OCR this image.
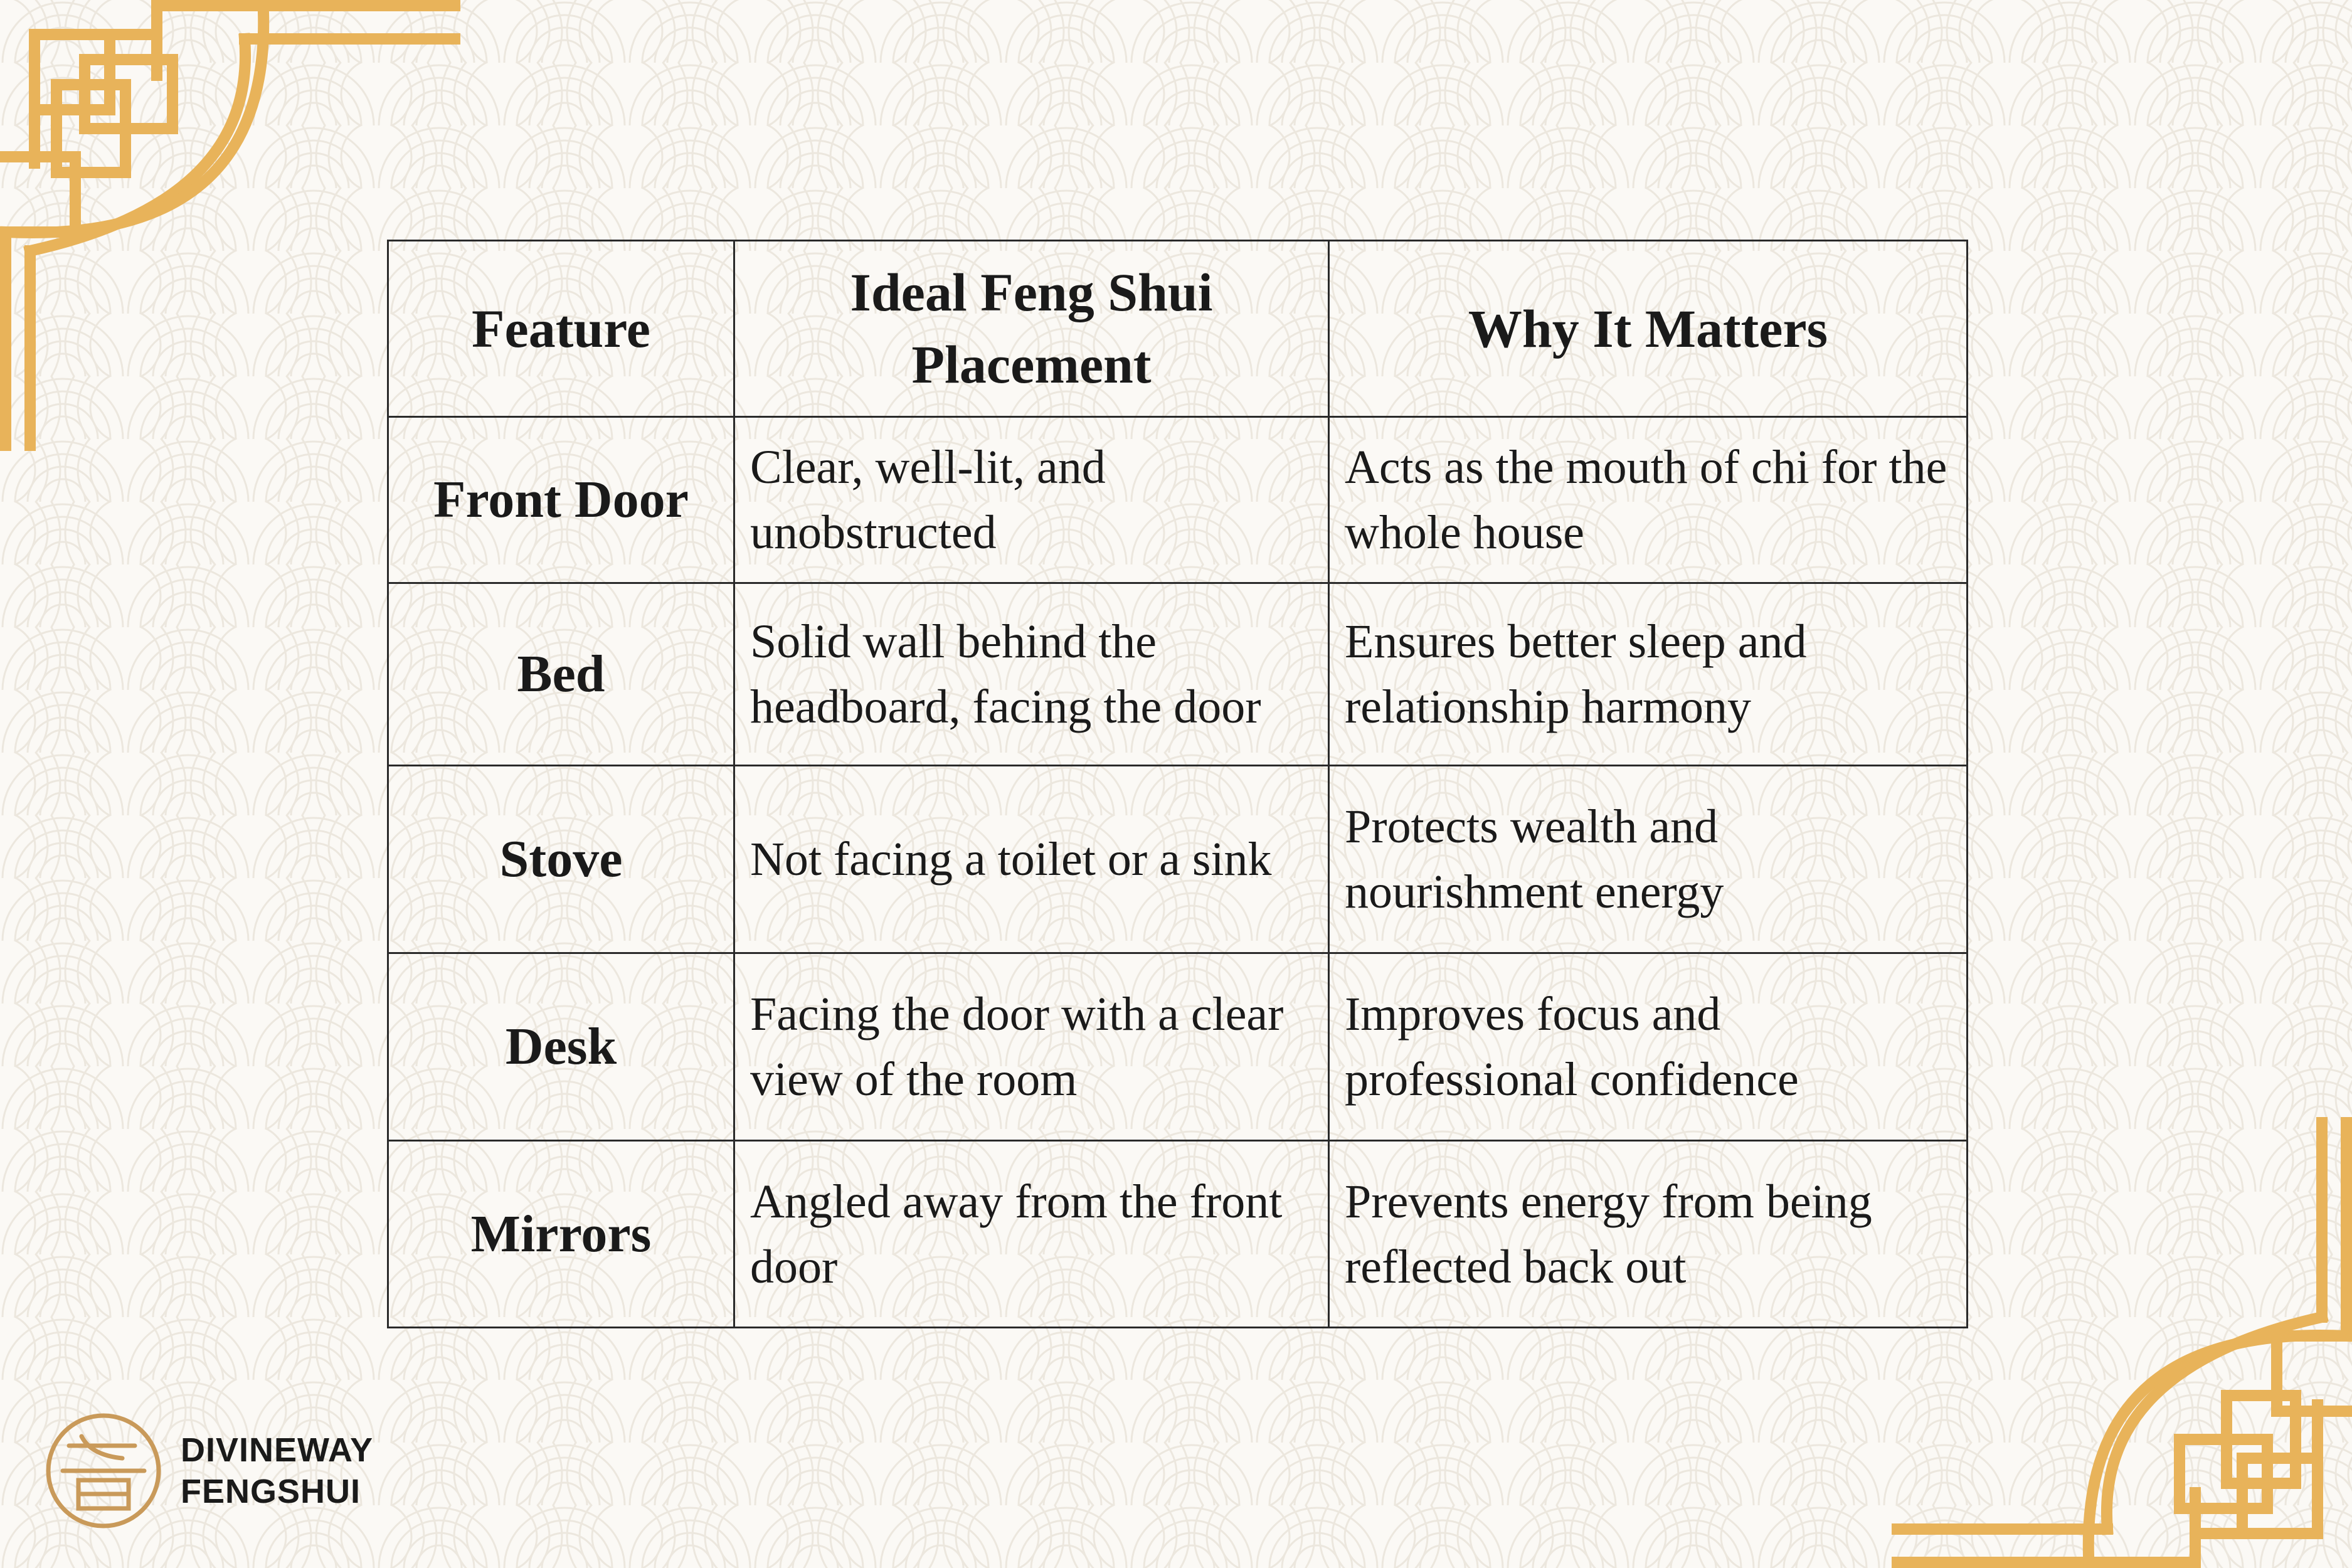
Feature	Ideal Feng Shui Placement	Why It Matters
Front Door	Clear, well-lit, and unobstructed	Acts as the mouth of chi for the whole house
Bed	Solid wall behind the headboard, facing the door	Ensures better sleep and relationship harmony
Stove	Not facing a toilet or a sink	Protects wealth and nourishment energy
Desk	Facing the door with a clear view of the room	Improves focus and professional confidence
Mirrors	Angled away from the front door	Prevents energy from being reflected back out
DIVINEWAY
FENGSHUI
